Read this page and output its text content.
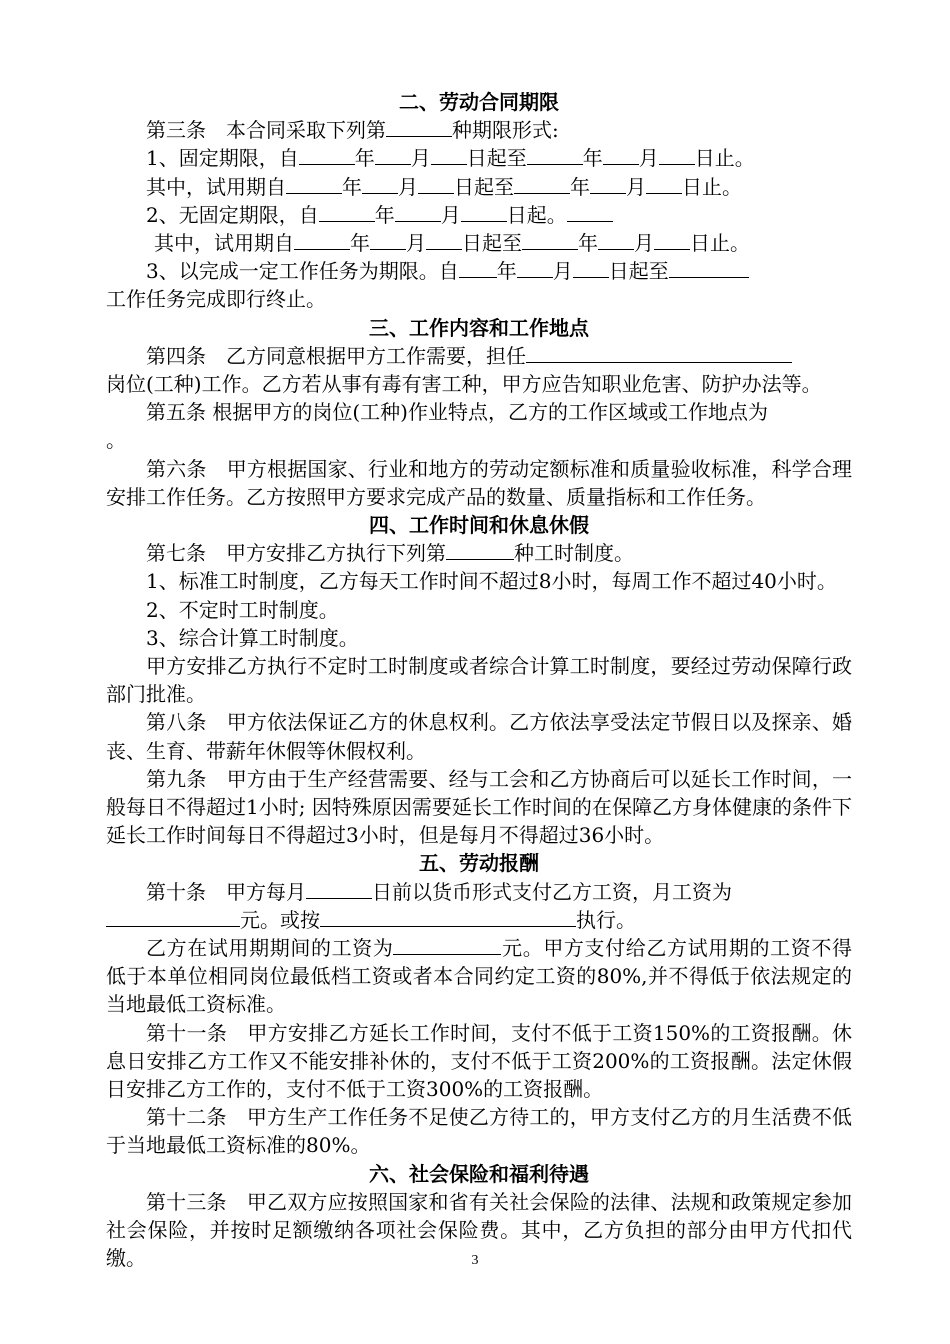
二、劳动合同期限
第三条　本合同采取下列第	种期限形式:
1、固定期限，自	年 月 日起至	年 月 日止。
其中，试用期自	年 月 日起至	年 月 日止。
2、无固定期限，自	年 月 日起。
其中，试用期自	年 月 日起至	年 月 日止。
3、以完成一定工作任务为期限。自 年 月 日起至
工作任务完成即行终止。
三、工作内容和工作地点
第四条　乙方同意根据甲方工作需要，担任
岗位(工种)工作。乙方若从事有毒有害工种，甲方应告知职业危害、防护办法等。
第五条 根据甲方的岗位(工种)作业特点，乙方的工作区域或工作地点为
。
第六条　甲方根据国家、行业和地方的劳动定额标准和质量验收标准，科学合理安排工作任务。乙方按照甲方要求完成产品的数量、质量指标和工作任务。
四、工作时间和休息休假
第七条　甲方安排乙方执行下列第	种工时制度。
1、标准工时制度，乙方每天工作时间不超过8小时，每周工作不超过40小时。
2、不定时工时制度。
3、综合计算工时制度。
甲方安排乙方执行不定时工时制度或者综合计算工时制度，要经过劳动保障行政部门批准。
第八条　甲方依法保证乙方的休息权利。乙方依法享受法定节假日以及探亲、婚丧、生育、带薪年休假等休假权利。
第九条　甲方由于生产经营需要、经与工会和乙方协商后可以延长工作时间，一般每日不得超过1小时; 因特殊原因需要延长工作时间的在保障乙方身体健康的条件下延长工作时间每日不得超过3小时，但是每月不得超过36小时。
五、劳动报酬
第十条　甲方每月	日前以货币形式支付乙方工资，月工资为
元。或按	执行。
乙方在试用期期间的工资为	元。甲方支付给乙方试用期的工资不得低于本单位相同岗位最低档工资或者本合同约定工资的80%,并不得低于依法规定的当地最低工资标准。
第十一条　甲方安排乙方延长工作时间，支付不低于工资150%的工资报酬。休息日安排乙方工作又不能安排补休的，支付不低于工资200%的工资报酬。法定休假日安排乙方工作的，支付不低于工资300%的工资报酬。
第十二条　甲方生产工作任务不足使乙方待工的，甲方支付乙方的月生活费不低于当地最低工资标准的80%。
六、社会保险和福利待遇
第十三条　甲乙双方应按照国家和省有关社会保险的法律、法规和政策规定参加社会保险，并按时足额缴纳各项社会保险费。其中，乙方负担的部分由甲方代扣代缴。	3
